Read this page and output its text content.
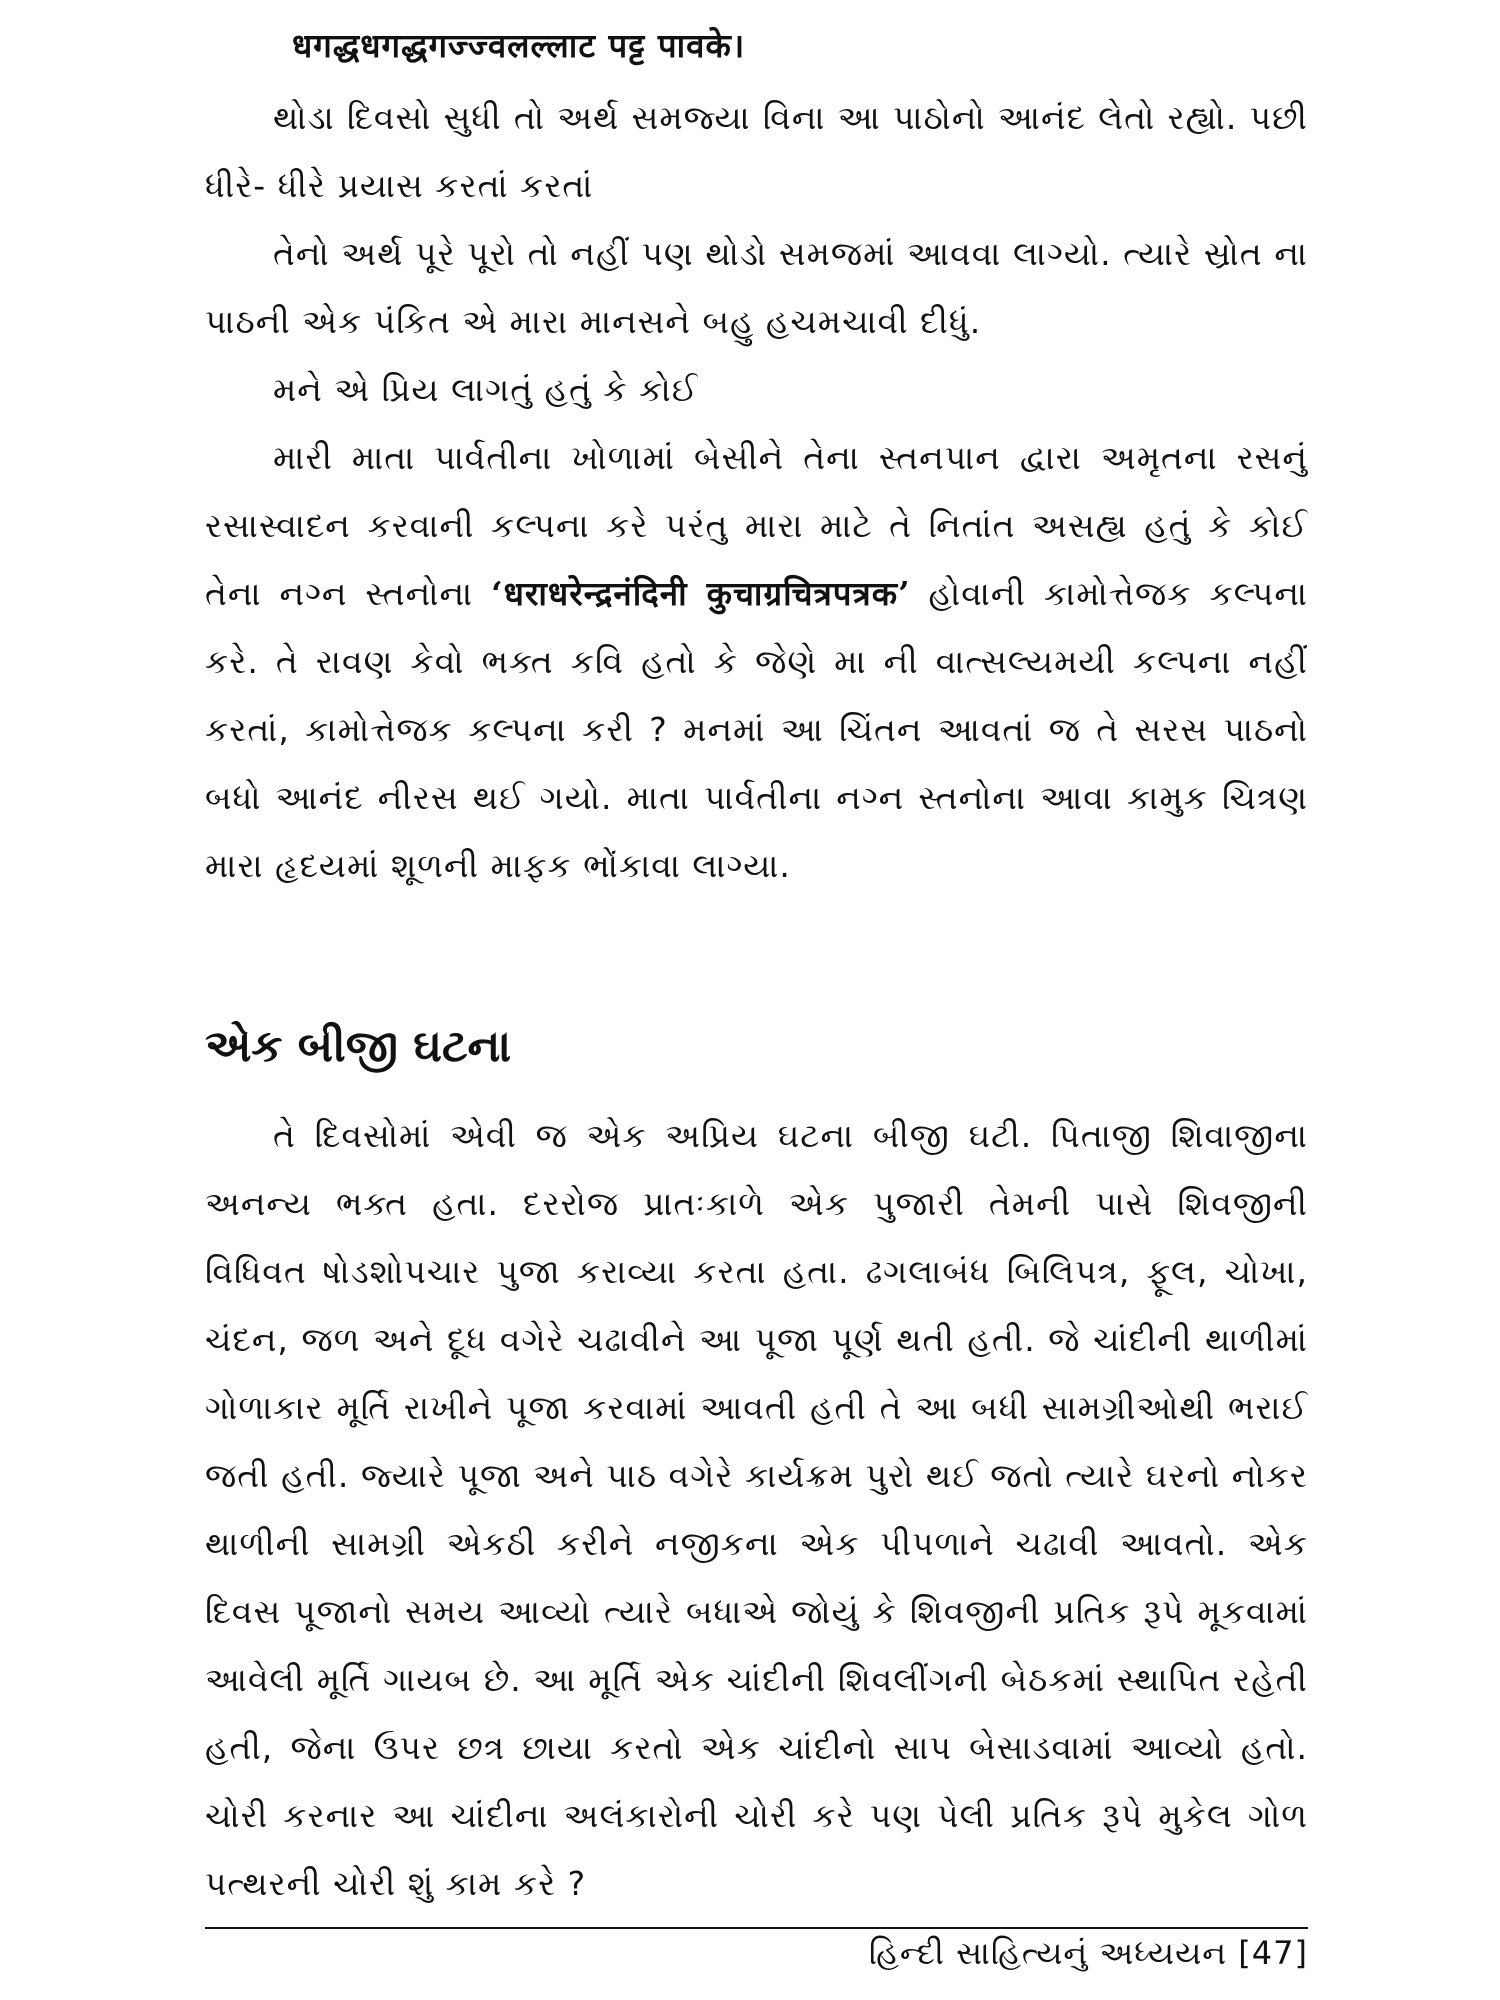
धगद्धधगद्धगज्ज्वलल्लाट पट्ट पावके।

થોડા દિવસો સુધી તો અર્થ સમજ્યા વિના આ પાઠોનો આનંદ લેતો રહ્યો. પછી ધીરે- ધીરે પ્રયાસ કરતાં કરતાં

તેનો અર્થ પૂરે પૂરો તો નહીં પણ થોડો સમજમાં આવવા લાગ્યો. ત્યારે સ્રોત ના પાઠની એક પંકિત એ મારા માનસને બહુ હચમચાવી દીધું.

મને એ પ્રિય લાગતું હતું કે કોઈ

મારી માતા પાર્વતીના ખોળામાં બેસીને તેના સ્તનપાન દ્વારા અમૃતના રસનું રસાસ્વાદન કરવાની કલ્પના કરે પરંતુ મારા માટે તે નિતાંત અસહ્ય હતું કે કોઈ તેના નગ્ન સ્તનોના ‘धराधरेन्द्रनंदिनी कुचाग्रचित्रपत्रक’ હોવાની કામોત્તેજક કલ્પના કરે. તે રાવણ કેવો ભક્ત કવિ હતો કે જેણે મા ની વાત્સલ્યમયી કલ્પના નહીં કરતાં, કામોત્તેજક કલ્પના કરી ? મનમાં આ ચિંતન આવતાં જ તે સરસ પાઠનો બધો આનંદ નીરસ થઈ ગયો. માતા પાર્વતીના નગ્ન સ્તનોના આવા કામુક ચિત્રણ મારા હૃદયમાં શૂળની માફક ભોંકાવા લાગ્યા.

એક બીજી ઘટના

તે દિવસોમાં એવી જ એક અપ્રિય ઘટના બીજી ઘટી. પિતાજી શિવાજીના અનન્ય ભક્ત હતા. દરરોજ પ્રાતઃકાળે એક પુજારી તેમની પાસે શિવજીની વિધિવત ષોડશોપચાર પુજા કરાવ્યા કરતા હતા. ઢગલાબંધ બિલિપત્ર, ફૂલ, ચોખા, ચંદન, જળ અને દૂધ વગેરે ચઢાવીને આ પૂજા પૂર્ણ થતી હતી. જે ચાંદીની થાળીમાં ગોળાકાર મૂર્તિ રાખીને પૂજા કરવામાં આવતી હતી તે આ બધી સામગ્રીઓથી ભરાઈ જતી હતી. જ્યારે પૂજા અને પાઠ વગેરે કાર્યક્રમ પુરો થઈ જતો ત્યારે ઘરનો નોકર થાળીની સામગ્રી એકઠી કરીને નજીકના એક પીપળાને ચઢાવી આવતો. એક દિવસ પૂજાનો સમય આવ્યો ત્યારે બધાએ જોયું કે શિવજીની પ્રતિક રૂપે મૂકવામાં આવેલી મૂર્તિ ગાયબ છે. આ મૂર્તિ એક ચાંદીની શિવલીંગની બેઠકમાં સ્થાપિત રહેતી હતી, જેના ઉપર છત્ર છાયા કરતો એક ચાંદીનો સાપ બેસાડવામાં આવ્યો હતો. ચોરી કરનાર આ ચાંદીના અલંકારોની ચોરી કરે પણ પેલી પ્રતિક રૂપે મુકેલ ગોળ પત્થરની ચોરી શું કામ કરે ?

હિન્દી સાહિત્યનું અધ્યયન [47]
